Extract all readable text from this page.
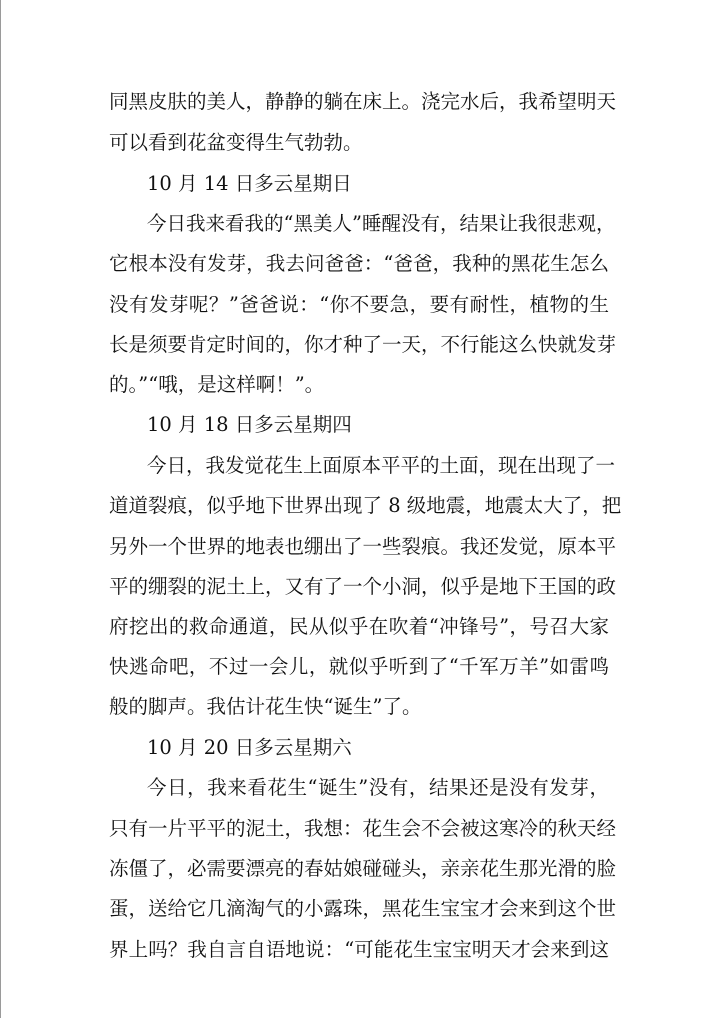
同黑皮肤的美人，静静的躺在床上。浇完水后，我希望明天
可以看到花盆变得生气勃勃。
10 月 14 日多云星期日
今日我来看我的“黑美人”睡醒没有，结果让我很悲观，
它根本没有发芽，我去问爸爸：“爸爸，我种的黑花生怎么
没有发芽呢？”爸爸说：“你不要急，要有耐性，植物的生
长是须要肯定时间的，你才种了一天，不行能这么快就发芽
的。”“哦，是这样啊！”。
10 月 18 日多云星期四
今日，我发觉花生上面原本平平的土面，现在出现了一
道道裂痕，似乎地下世界出现了 8 级地震，地震太大了，把
另外一个世界的地表也绷出了一些裂痕。我还发觉，原本平
平的绷裂的泥土上，又有了一个小洞，似乎是地下王国的政
府挖出的救命通道，民从似乎在吹着“冲锋号”，号召大家
快逃命吧，不过一会儿，就似乎听到了“千军万羊”如雷鸣
般的脚声。我估计花生快“诞生”了。
10 月 20 日多云星期六
今日，我来看花生“诞生”没有，结果还是没有发芽，
只有一片平平的泥土，我想：花生会不会被这寒冷的秋天经
冻僵了，必需要漂亮的春姑娘碰碰头，亲亲花生那光滑的脸
蛋，送给它几滴淘气的小露珠，黑花生宝宝才会来到这个世
界上吗？我自言自语地说：“可能花生宝宝明天才会来到这
